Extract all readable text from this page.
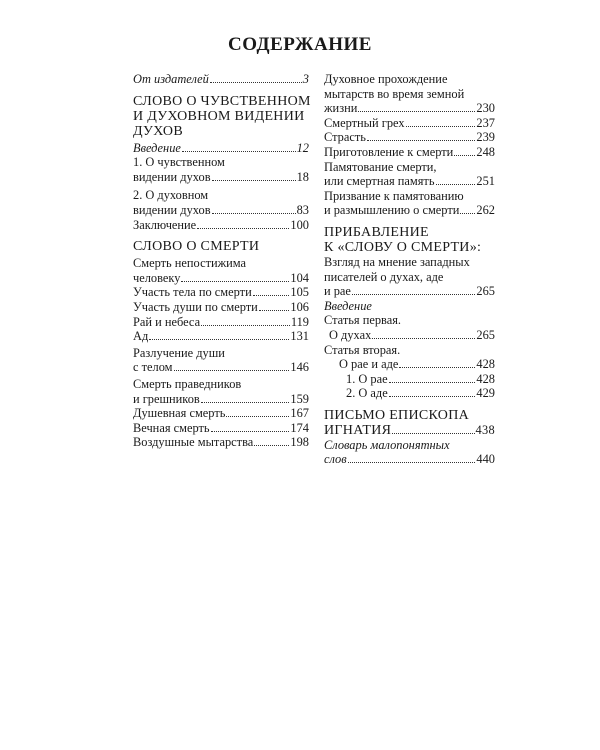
СОДЕРЖАНИЕ
От издателей	3
СЛОВО О ЧУВСТВЕННОМ
И ДУХОВНОМ ВИДЕНИИ
ДУХОВ
Введение	12
1. О чувственном
видении духов	18
2. О духовном
видении духов	83
Заключение	100
СЛОВО О СМЕРТИ
Смерть непостижима
человеку	104
Участь тела по смерти	105
Участь души по смерти	106
Рай и небеса	119
Ад	131
Разлучение души
с телом	146
Смерть праведников
и грешников	159
Душевная смерть	167
Вечная смерть	174
Воздушные мытарства	198
Духовное прохождение
мытарств во время земной
жизни	230
Смертный грех	237
Страсть	239
Приготовление к смерти 248
Памятование смерти,
или смертная память	251
Призвание к памятованию
и размышлению о смерти 262
ПРИБАВЛЕНИЕ
К «СЛОВУ О СМЕРТИ»:
Взгляд на мнение западных
писателей о духах, аде
и рае	265
Введение
Статья первая.
О духах	265
Статья вторая.
О рае и аде	428
1. О рае	428
2. О аде	429
ПИСЬМО ЕПИСКОПА
ИГНАТИЯ	438
Словарь малопонятных
слов	440
